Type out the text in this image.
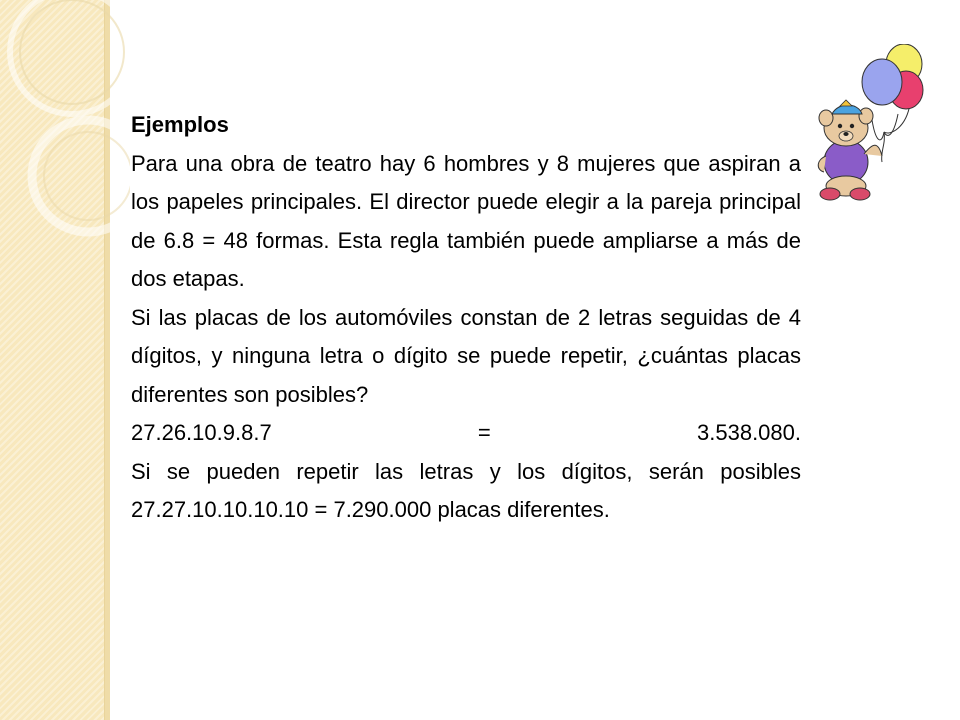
Ejemplos

Para una obra de teatro hay 6 hombres y 8 mujeres que aspiran a los papeles principales. El director puede elegir a la pareja principal de 6.8 = 48 formas. Esta regla también puede ampliarse a más de dos etapas.

Si las placas de los automóviles constan de 2 letras seguidas de 4 dígitos, y ninguna letra o dígito se puede repetir, ¿cuántas placas diferentes son posibles?

27.26.10.9.8.7	=	3.538.080.

Si se pueden repetir las letras y los dígitos, serán posibles 27.27.10.10.10.10 = 7.290.000 placas diferentes.
